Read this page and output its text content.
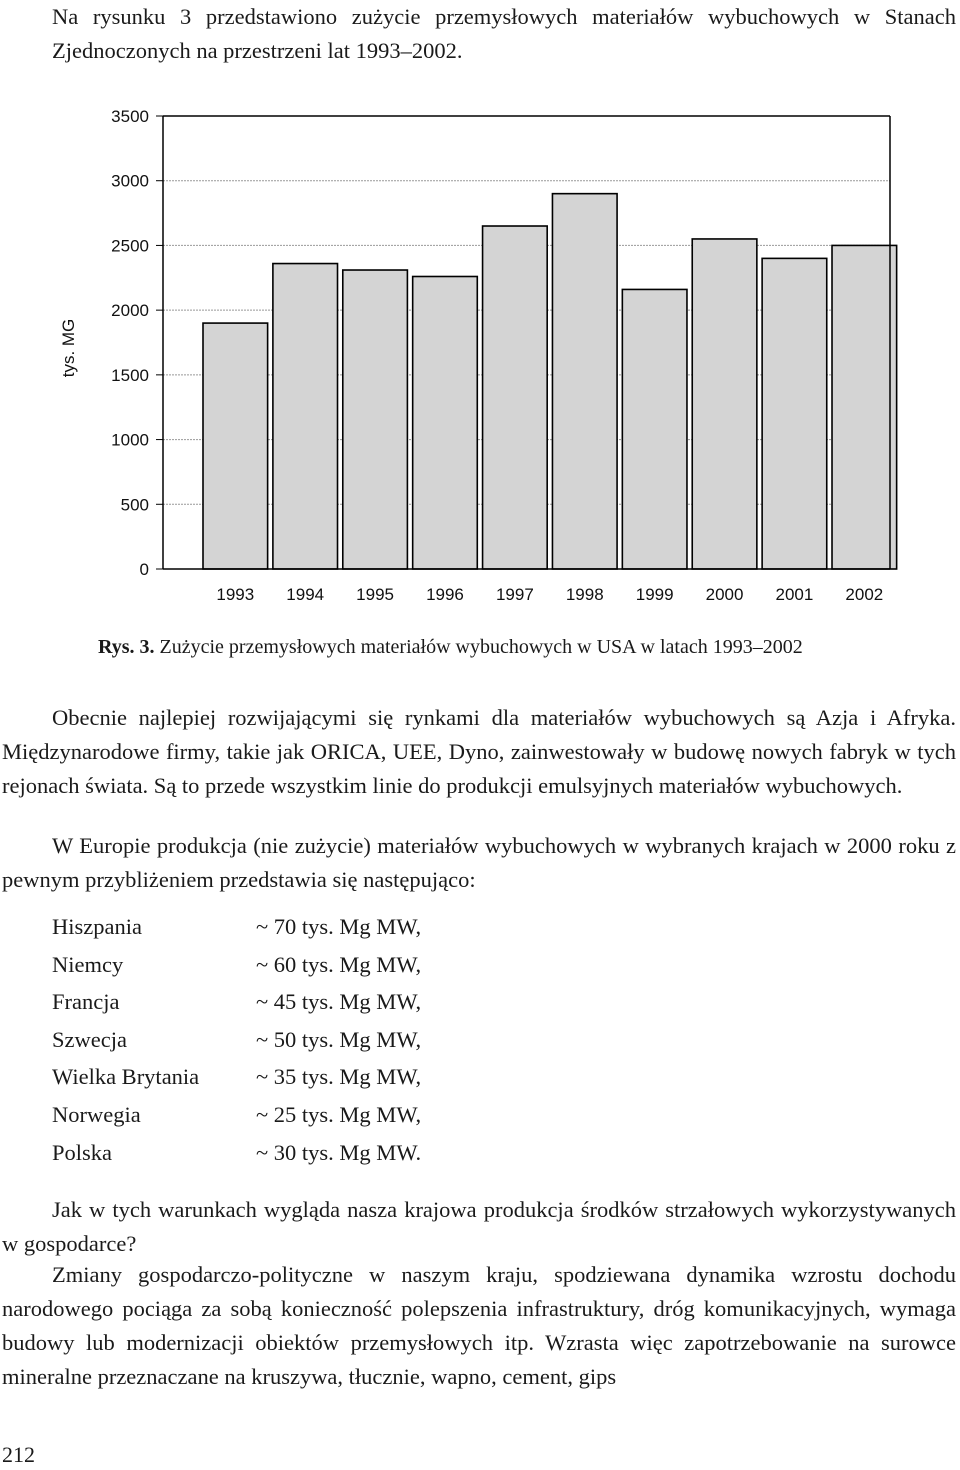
Na rysunku 3 przedstawiono zużycie przemysłowych materiałów wybuchowych w Stanach Zjednoczonych na przestrzeni lat 1993–2002.

0
500
1000
1500
2000
2500
3000
3500
1993 1994 1995 1996 1997 1998 1999 2000 2001 2002
tys. MG
Rys. 3. Zużycie przemysłowych materiałów wybuchowych w USA w latach 1993–2002

Obecnie najlepiej rozwijającymi się rynkami dla materiałów wybuchowych są Azja i Afryka. Międzynarodowe firmy, takie jak ORICA, UEE, Dyno, zainwestowały w budowę nowych fabryk w tych rejonach świata. Są to przede wszystkim linie do produkcji emulsyjnych materiałów wybuchowych.

W Europie produkcja (nie zużycie) materiałów wybuchowych w wybranych krajach w 2000 roku z pewnym przybliżeniem przedstawia się następująco:

Hiszpania	~ 70 tys. Mg MW,
Niemcy	~ 60 tys. Mg MW,
Francja	~ 45 tys. Mg MW,
Szwecja	~ 50 tys. Mg MW,
Wielka Brytania	~ 35 tys. Mg MW,
Norwegia	~ 25 tys. Mg MW,
Polska	~ 30 tys. Mg MW.

Jak w tych warunkach wygląda nasza krajowa produkcja środków strzałowych wykorzystywanych w gospodarce?

Zmiany gospodarczo-polityczne w naszym kraju, spodziewana dynamika wzrostu dochodu narodowego pociąga za sobą konieczność polepszenia infrastruktury, dróg komunikacyjnych, wymaga budowy lub modernizacji obiektów przemysłowych itp. Wzrasta więc zapotrzebowanie na surowce mineralne przeznaczane na kruszywa, tłucznie, wapno, cement, gips

212
